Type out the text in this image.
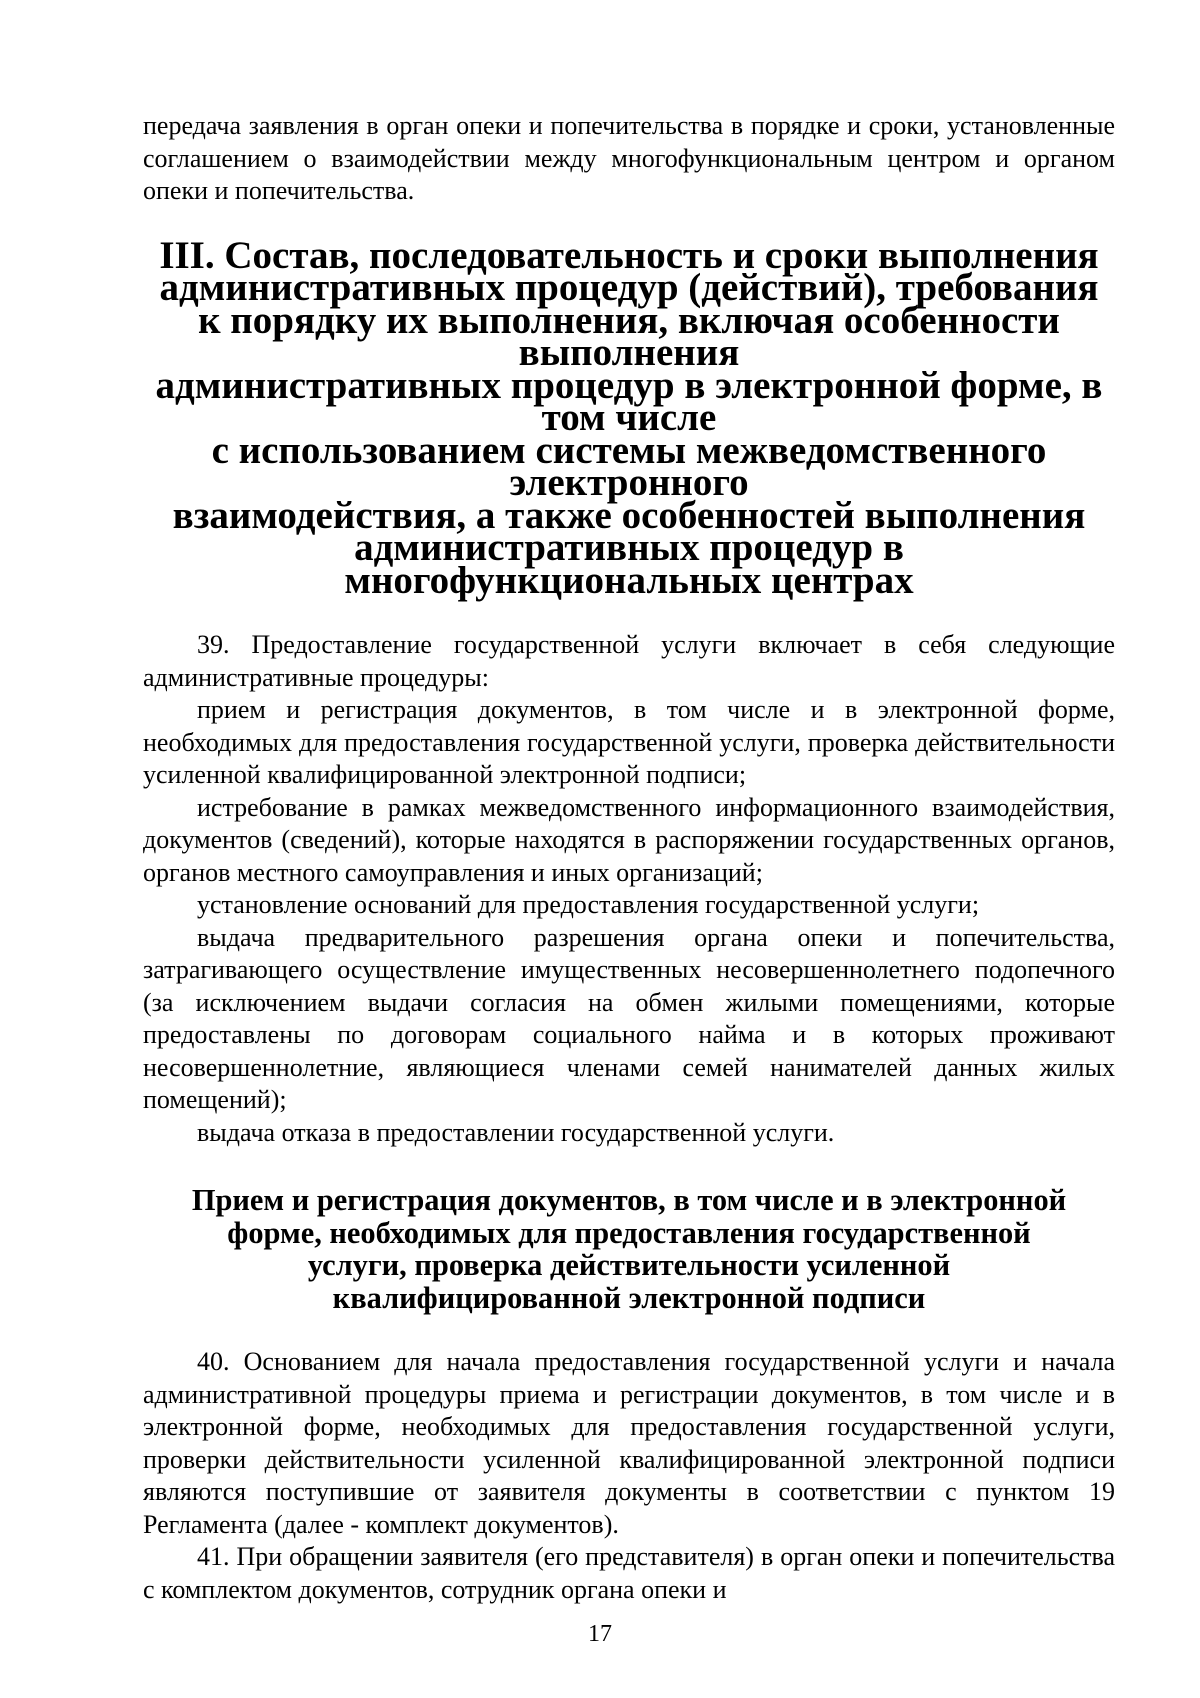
передача заявления в орган опеки и попечительства в порядке и сроки, установленные соглашением о взаимодействии между многофункциональным центром и органом опеки и попечительства.

III. Состав, последовательность и сроки выполнения
административных процедур (действий), требования
к порядку их выполнения, включая особенности выполнения
административных процедур в электронной форме, в том числе
с использованием системы межведомственного электронного
взаимодействия, а также особенностей выполнения
административных процедур в многофункциональных центрах

39. Предоставление государственной услуги включает в себя следующие административные процедуры:

прием и регистрация документов, в том числе и в электронной форме, необходимых для предоставления государственной услуги, проверка действительности усиленной квалифицированной электронной подписи;

истребование в рамках межведомственного информационного взаимодействия, документов (сведений), которые находятся в распоряжении государственных органов, органов местного самоуправления и иных организаций;

установление оснований для предоставления государственной услуги;

выдача предварительного разрешения органа опеки и попечительства, затрагивающего осуществление имущественных несовершеннолетнего подопечного (за исключением выдачи согласия на обмен жилыми помещениями, которые предоставлены по договорам социального найма и в которых проживают несовершеннолетние, являющиеся членами семей нанимателей данных жилых помещений);

выдача отказа в предоставлении государственной услуги.

Прием и регистрация документов, в том числе и в электронной
форме, необходимых для предоставления государственной
услуги, проверка действительности усиленной
квалифицированной электронной подписи

40. Основанием для начала предоставления государственной услуги и начала административной процедуры приема и регистрации документов, в том числе и в электронной форме, необходимых для предоставления государственной услуги, проверки действительности усиленной квалифицированной электронной подписи являются поступившие от заявителя документы в соответствии с пунктом 19 Регламента (далее - комплект документов).

41. При обращении заявителя (его представителя) в орган опеки и попечительства с комплектом документов, сотрудник органа опеки и

17
